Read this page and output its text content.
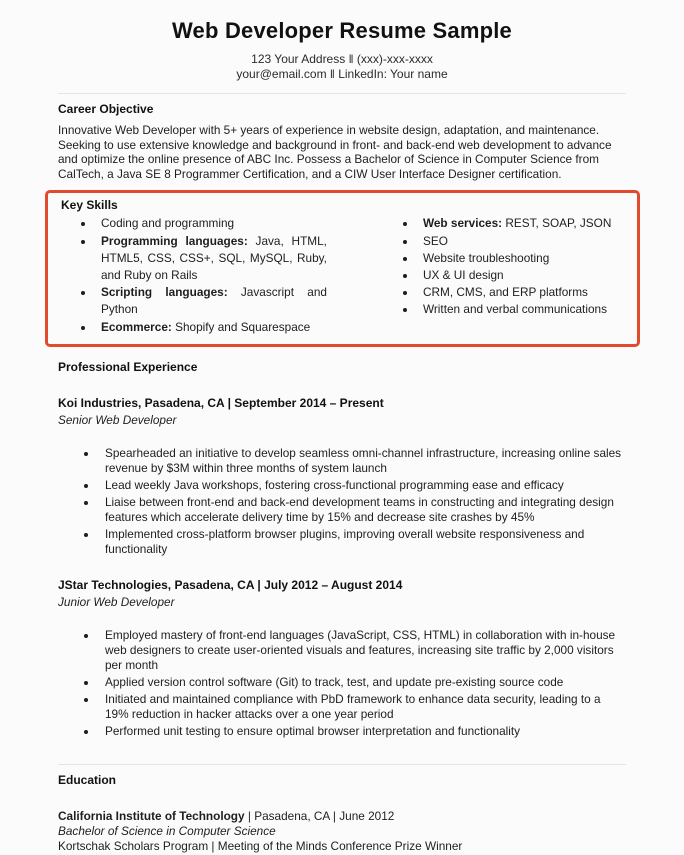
Web Developer Resume Sample
123 Your Address ‖ (xxx)-xxx-xxxx
your@email.com ‖ LinkedIn: Your name
Career Objective
Innovative Web Developer with 5+ years of experience in website design, adaptation, and maintenance. Seeking to use extensive knowledge and background in front- and back-end web development to advance and optimize the online presence of ABC Inc. Possess a Bachelor of Science in Computer Science from CalTech, a Java SE 8 Programmer Certification, and a CIW User Interface Designer certification.
Key Skills
• Coding and programming
• Programming languages: Java, HTML, HTML5, CSS, CSS+, SQL, MySQL, Ruby, and Ruby on Rails
• Scripting languages: Javascript and Python
• Ecommerce: Shopify and Squarespace
• Web services: REST, SOAP, JSON
• SEO
• Website troubleshooting
• UX & UI design
• CRM, CMS, and ERP platforms
• Written and verbal communications
Professional Experience
Koi Industries, Pasadena, CA | September 2014 – Present
Senior Web Developer
• Spearheaded an initiative to develop seamless omni-channel infrastructure, increasing online sales revenue by $3M within three months of system launch
• Lead weekly Java workshops, fostering cross-functional programming ease and efficacy
• Liaise between front-end and back-end development teams in constructing and integrating design features which accelerate delivery time by 15% and decrease site crashes by 45%
• Implemented cross-platform browser plugins, improving overall website responsiveness and functionality
JStar Technologies, Pasadena, CA | July 2012 – August 2014
Junior Web Developer
• Employed mastery of front-end languages (JavaScript, CSS, HTML) in collaboration with in-house web designers to create user-oriented visuals and features, increasing site traffic by 2,000 visitors per month
• Applied version control software (Git) to track, test, and update pre-existing source code
• Initiated and maintained compliance with PbD framework to enhance data security, leading to a 19% reduction in hacker attacks over a one year period
• Performed unit testing to ensure optimal browser interpretation and functionality
Education
California Institute of Technology | Pasadena, CA | June 2012
Bachelor of Science in Computer Science
Kortschak Scholars Program | Meeting of the Minds Conference Prize Winner
